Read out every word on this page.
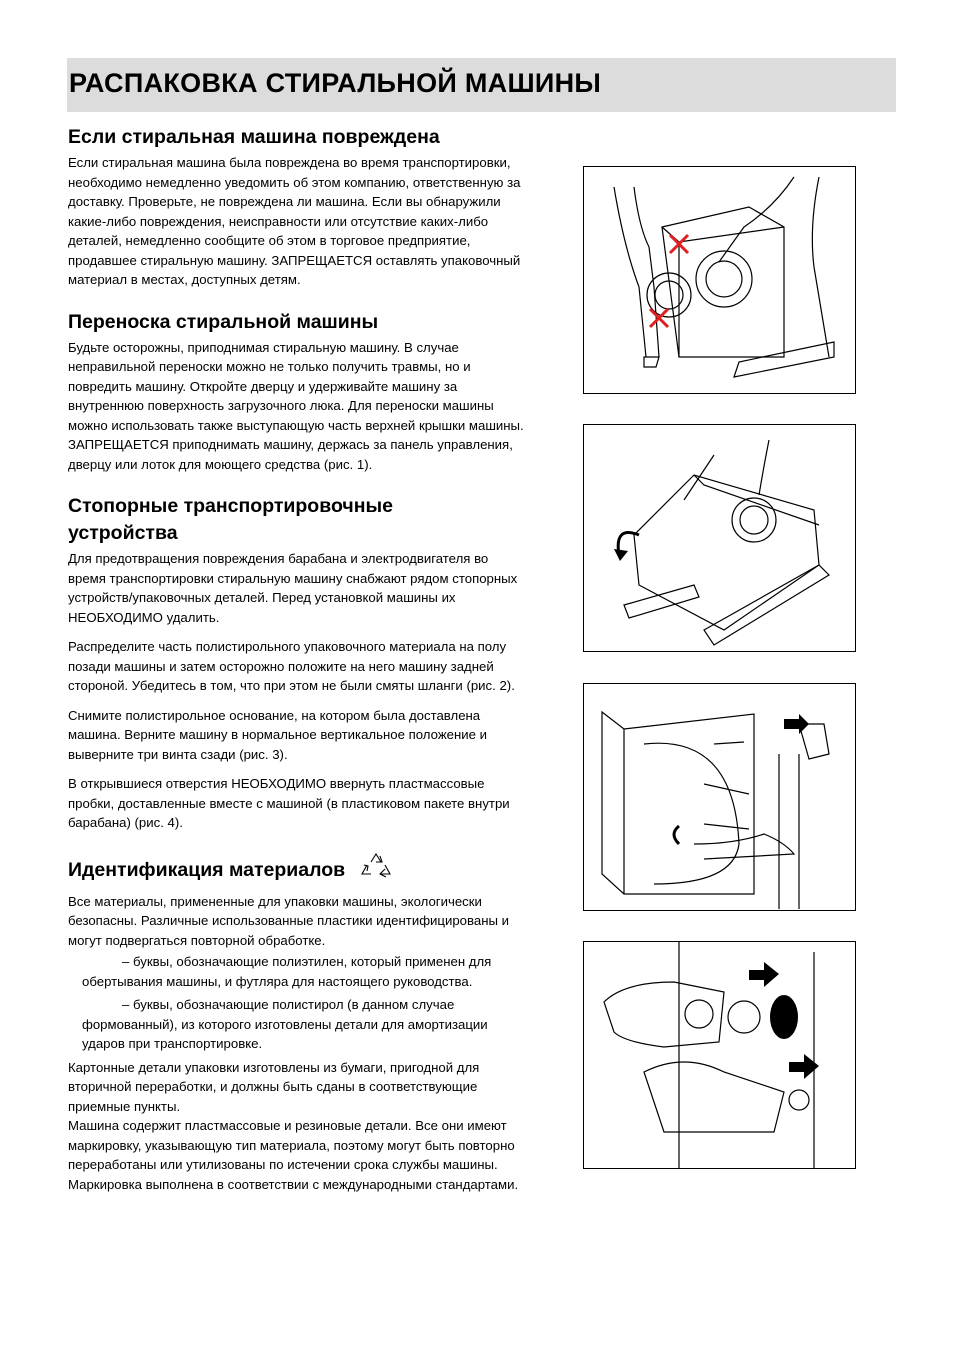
РАСПАКОВКА СТИРАЛЬНОЙ МАШИНЫ
Если стиральная машина повреждена

Если стиральная машина была повреждена во время транспортировки, необходимо немедленно уведомить об этом компанию, ответственную за доставку. Проверьте, не повреждена ли машина. Если вы обнаружили какие-либо повреждения, неисправности или отсутствие каких-либо деталей, немедленно сообщите об этом в торговое предприятие, продавшее стиральную машину. ЗАПРЕЩАЕТСЯ оставлять упаковочный материал в местах, доступных детям.

Переноска стиральной машины

Будьте осторожны, приподнимая стиральную машину. В случае неправильной переноски можно не только получить травмы, но и повредить машину. Откройте дверцу и удерживайте машину за внутреннюю поверхность загрузочного люка. Для переноски машины можно использовать также выступающую часть верхней крышки машины. ЗАПРЕЩАЕТСЯ приподнимать машину, держась за панель управления, дверцу или лоток для моющего средства (рис. 1).

Стопорные транспортировочные устройства

Для предотвращения повреждения барабана и электродвигателя во время транспортировки стиральную машину снабжают рядом стопорных устройств/упаковочных деталей. Перед установкой машины их НЕОБХОДИМО удалить.

Распределите часть полистирольного упаковочного материала на полу позади машины и затем осторожно положите на него машину задней стороной. Убедитесь в том, что при этом не были смяты шланги (рис. 2).

Снимите полистирольное основание, на котором была доставлена машина. Верните машину в нормальное вертикальное положение и выверните три винта сзади (рис. 3).

В открывшиеся отверстия НЕОБХОДИМО ввернуть пластмассовые пробки, доставленные вместе с машиной (в пластиковом пакете внутри барабана) (рис. 4).

Идентификация материалов

Все материалы, примененные для упаковки машины, экологически безопасны. Различные использованные пластики идентифицированы и могут подвергаться повторной обработке.

– буквы, обозначающие полиэтилен, который применен для обертывания машины, и футляра для настоящего руководства.

– буквы, обозначающие полистирол (в данном случае формованный), из которого изготовлены детали для амортизации ударов при транспортировке.

Картонные детали упаковки изготовлены из бумаги, пригодной для вторичной переработки, и должны быть сданы в соответствующие приемные пункты.

Машина содержит пластмассовые и резиновые детали. Все они имеют маркировку, указывающую тип материала, поэтому могут быть повторно переработаны или утилизованы по истечении срока службы машины. Маркировка выполнена в соответствии с международными стандартами.
